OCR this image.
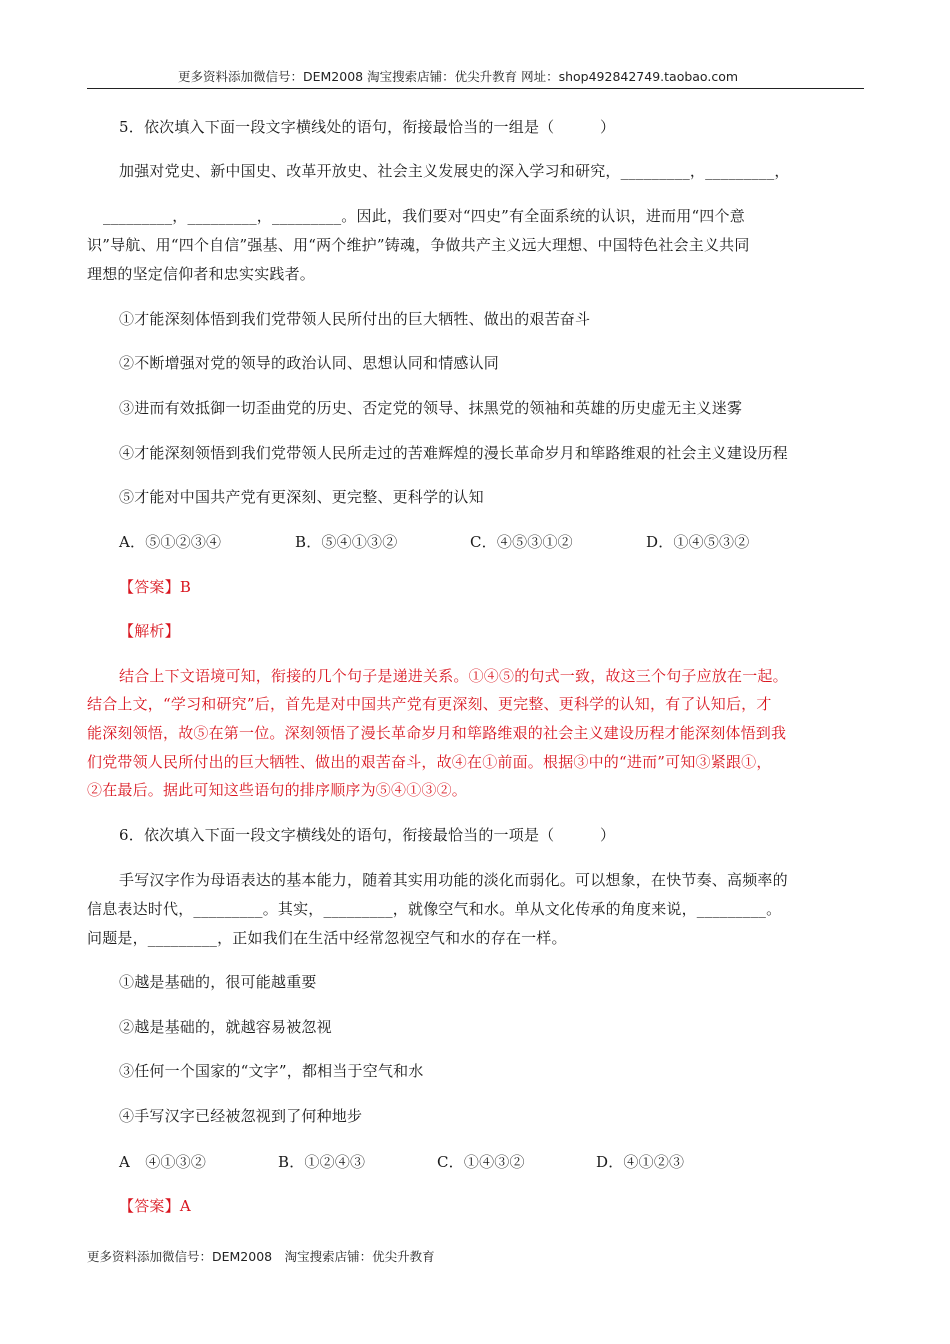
更多资料添加微信号：DEM2008 淘宝搜索店铺：优尖升教育 网址：shop492842749.taobao.com
5．依次填入下面一段文字横线处的语句，衔接最恰当的一组是（　　　）
加强对党史、新中国史、改革开放史、社会主义发展史的深入学习和研究，_________，_________，
_________，_________，_________。因此，我们要对“四史”有全面系统的认识，进而用“四个意
识”导航、用“四个自信”强基、用“两个维护”铸魂，争做共产主义远大理想、中国特色社会主义共同
理想的坚定信仰者和忠实实践者。
①才能深刻体悟到我们党带领人民所付出的巨大牺牲、做出的艰苦奋斗
②不断增强对党的领导的政治认同、思想认同和情感认同
③进而有效抵御一切歪曲党的历史、否定党的领导、抹黑党的领袖和英雄的历史虚无主义迷雾
④才能深刻领悟到我们党带领人民所走过的苦难辉煌的漫长革命岁月和筚路维艰的社会主义建设历程
⑤才能对中国共产党有更深刻、更完整、更科学的认知
A．⑤①②③④	B．⑤④①③②	C．④⑤③①②	D．①④⑤③②
【答案】B
【解析】
结合上下文语境可知，衔接的几个句子是递进关系。①④⑤的句式一致，故这三个句子应放在一起。
结合上文，“学习和研究”后，首先是对中国共产党有更深刻、更完整、更科学的认知，有了认知后，才
能深刻领悟，故⑤在第一位。深刻领悟了漫长革命岁月和筚路维艰的社会主义建设历程才能深刻体悟到我
们党带领人民所付出的巨大牺牲、做出的艰苦奋斗，故④在①前面。根据③中的“进而”可知③紧跟①，
②在最后。据此可知这些语句的排序顺序为⑤④①③②。
6．依次填入下面一段文字横线处的语句，衔接最恰当的一项是（　　　）
手写汉字作为母语表达的基本能力，随着其实用功能的淡化而弱化。可以想象，在快节奏、高频率的
信息表达时代，_________。其实，_________，就像空气和水。单从文化传承的角度来说，_________。
问题是，_________，正如我们在生活中经常忽视空气和水的存在一样。
①越是基础的，很可能越重要
②越是基础的，就越容易被忽视
③任何一个国家的“文字”，都相当于空气和水
④手写汉字已经被忽视到了何种地步
A　④①③②	B．①②④③	C．①④③②	D．④①②③
【答案】A
更多资料添加微信号：DEM2008　淘宝搜索店铺：优尖升教育
